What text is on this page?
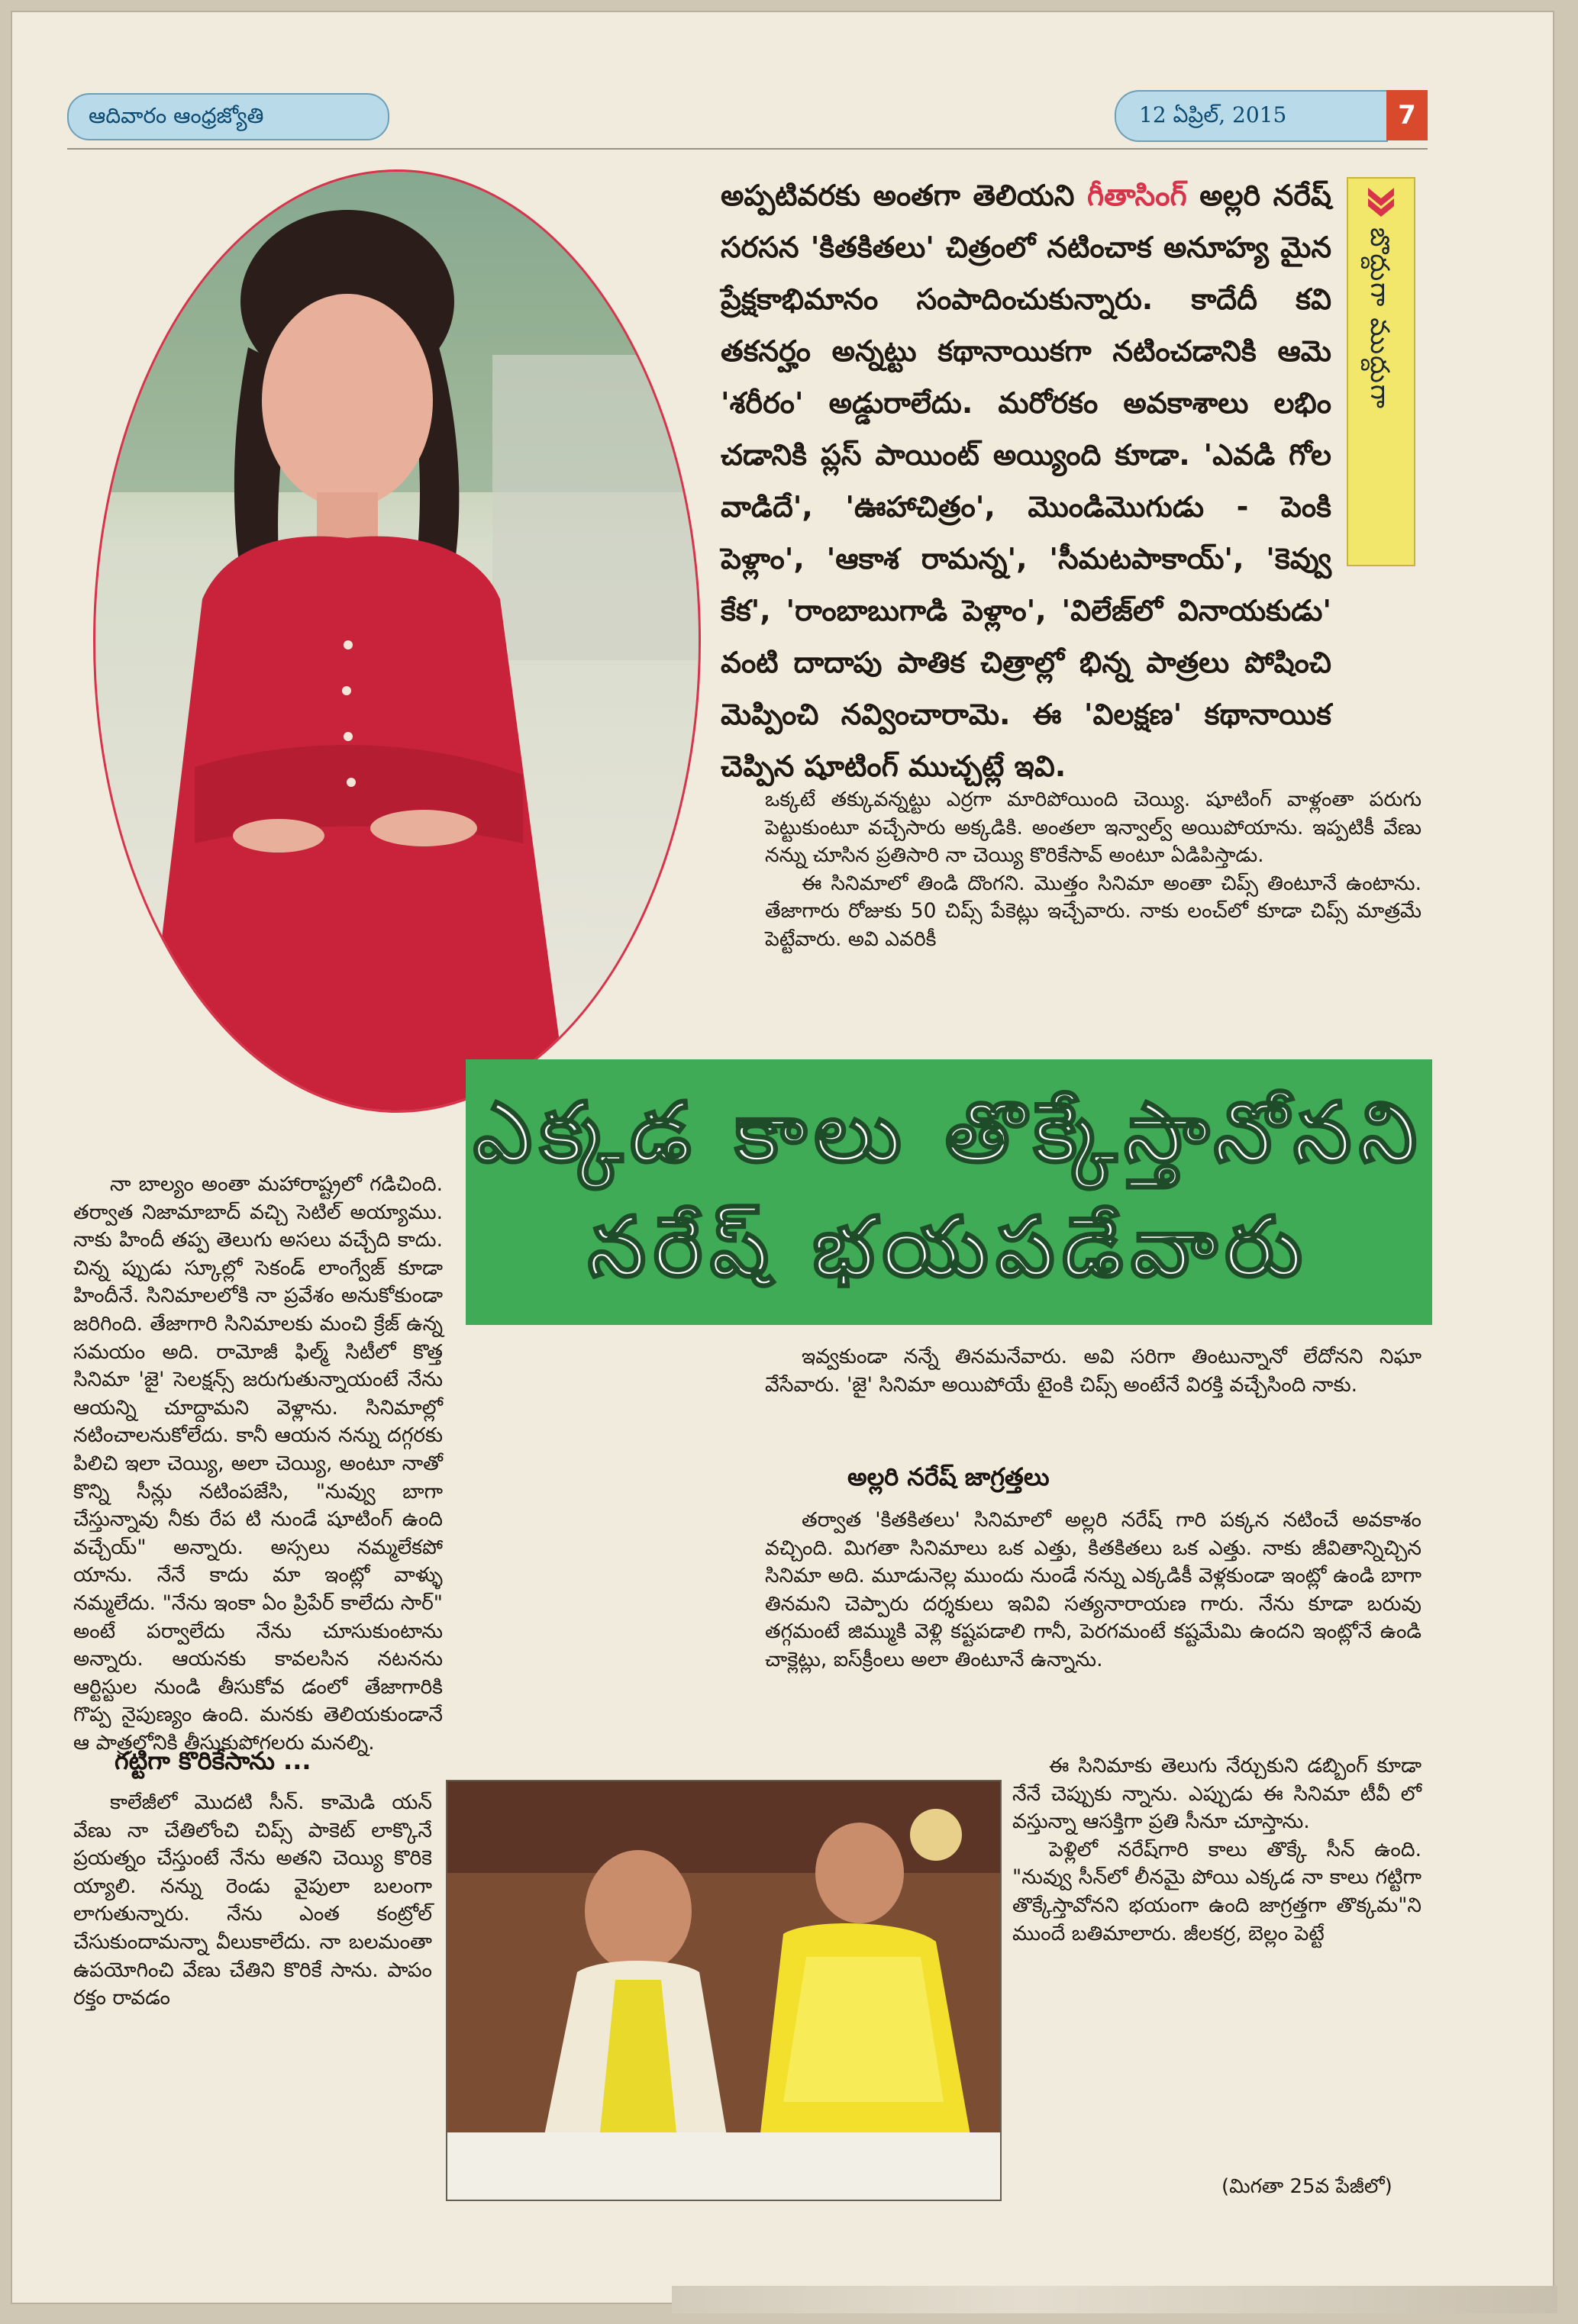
ఆదివారం ఆంధ్రజ్యోతి	12 ఏప్రిల్, 2015	7
అప్పటివరకు అంతగా తెలియని గీతాసింగ్ అల్లరి నరేష్ సరసన 'కితకితలు' చిత్రంలో నటించాక అనూహ్య మైన ప్రేక్షకాభిమానం సంపాదించుకున్నారు. కాదేదీ కవి తకనర్హం అన్నట్టు కథానాయికగా నటించడానికి ఆమె 'శరీరం' అడ్డురాలేదు. మరోరకం అవకాశాలు లభిం చడానికి ప్లస్ పాయింట్ అయ్యింది కూడా. 'ఎవడి గోల వాడిదే', 'ఊహాచిత్రం', మొండిమొగుడు - పెంకి పెళ్లాం', 'ఆకాశ రామన్న', 'సీమటపాకాయ్', 'కెవ్వు కేక', 'రాంబాబుగాడి పెళ్లాం', 'విలేజ్‌లో వినాయకుడు' వంటి దాదాపు పాతిక చిత్రాల్లో భిన్న పాత్రలు పోషించి మెప్పించి నవ్వించారామె. ఈ 'విలక్షణ' కథానాయిక చెప్పిన షూటింగ్ ముచ్చట్లే ఇవి.
బొద్దుగా ముద్దుగా

ఒక్కటే తక్కువన్నట్టు ఎర్రగా మారిపోయింది చెయ్యి. షూటింగ్ వాళ్లంతా పరుగు పెట్టుకుంటూ వచ్చేసారు అక్కడికి. అంతలా ఇన్వాల్వ్ అయిపోయాను. ఇప్పటికీ వేణు నన్ను చూసిన ప్రతిసారి నా చెయ్యి కొరికేసావ్ అంటూ ఏడిపిస్తాడు.

ఈ సినిమాలో తిండి దొంగని. మొత్తం సినిమా అంతా చిప్స్ తింటూనే ఉంటాను. తేజాగారు రోజుకు 50 చిప్స్ పేకెట్లు ఇచ్చేవారు. నాకు లంచ్‌లో కూడా చిప్స్ మాత్రమే పెట్టేవారు. అవి ఎవరికీ

ఎక్కడ కాలు తొక్కేస్తానోనని
నరేష్ భయపడేవారు

నా బాల్యం అంతా మహారాష్ట్రలో గడిచింది. తర్వాత నిజామాబాద్ వచ్చి సెటిల్ అయ్యాము. నాకు హిందీ తప్ప తెలుగు అసలు వచ్చేది కాదు. చిన్న ప్పుడు స్కూల్లో సెకండ్ లాంగ్వేజ్ కూడా హిందీనే. సినిమాలలోకి నా ప్రవేశం అనుకోకుండా జరిగింది. తేజాగారి సినిమాలకు మంచి క్రేజ్ ఉన్న సమయం అది. రామోజీ ఫిల్మ్ సిటీలో కొత్త సినిమా 'జై' సెలక్షన్స్ జరుగుతున్నాయంటే నేను ఆయన్ని చూద్దామని వెళ్లాను. సినిమాల్లో నటించాలనుకోలేదు. కానీ ఆయన నన్ను దగ్గరకు పిలిచి ఇలా చెయ్యి, అలా చెయ్యి, అంటూ నాతో కొన్ని సీన్లు నటింపజేసి, "నువ్వు బాగా చేస్తున్నావు నీకు రేప టి నుండే షూటింగ్ ఉంది వచ్చేయ్" అన్నారు. అస్సలు నమ్మలేకపో యాను. నేనే కాదు మా ఇంట్లో వాళ్ళు నమ్మలేదు. "నేను ఇంకా ఏం ప్రిపేర్ కాలేదు సార్" అంటే పర్వాలేదు నేను చూసుకుంటాను అన్నారు. ఆయనకు కావలసిన నటనను ఆర్టిస్టుల నుండి తీసుకోవ డంలో తేజాగారికి గొప్ప నైపుణ్యం ఉంది. మనకు తెలియకుండానే ఆ పాత్రలోనికి తీసుకుపోగలరు మనల్ని.

ఇవ్వకుండా నన్నే తినమనేవారు. అవి సరిగా తింటున్నానో లేదోనని నిఘా వేసేవారు. 'జై' సినిమా అయిపోయే టైంకి చిప్స్ అంటేనే విరక్తి వచ్చేసింది నాకు.

అల్లరి నరేష్ జాగ్రత్తలు

తర్వాత 'కితకితలు' సినిమాలో అల్లరి నరేష్ గారి పక్కన నటించే అవకాశం వచ్చింది. మిగతా సినిమాలు ఒక ఎత్తు, కితకితలు ఒక ఎత్తు. నాకు జీవితాన్నిచ్చిన సినిమా అది. మూడునెల్ల ముందు నుండే నన్ను ఎక్కడికీ వెళ్లకుండా ఇంట్లో ఉండి బాగా తినమని చెప్పారు దర్శకులు ఇవివి సత్యనారాయణ గారు. నేను కూడా బరువు తగ్గమంటే జిమ్ముకి వెళ్లి కష్టపడాలి గానీ, పెరగమంటే కష్టమేమి ఉందని ఇంట్లోనే ఉండి చాక్లెట్లు, ఐస్‌క్రీంలు అలా తింటూనే ఉన్నాను.

ఈ సినిమాకు తెలుగు నేర్చుకుని డబ్బింగ్ కూడా నేనే చెప్పుకు న్నాను. ఎప్పుడు ఈ సినిమా టీవీ లో వస్తున్నా ఆసక్తిగా ప్రతి సీనూ చూస్తాను.

పెళ్లిలో నరేష్‌గారి కాలు తొక్కే సీన్ ఉంది. "నువ్వు సీన్‌లో లీనమై పోయి ఎక్కడ నా కాలు గట్టిగా తొక్కేస్తావోనని భయంగా ఉంది జాగ్రత్తగా తొక్కమ"ని ముందే బతిమాలారు. జీలకర్ర, బెల్లం పెట్టే

(మిగతా 25వ పేజీలో)
గట్టిగా కొరికేసాను ...

కాలేజీలో మొదటి సీన్. కామెడి యన్ వేణు నా చేతిలోంచి చిప్స్ పాకెట్ లాక్కొనే ప్రయత్నం చేస్తుంటే నేను అతని చెయ్యి కొరికె య్యాలి. నన్ను రెండు వైపులా బలంగా లాగుతున్నారు. నేను ఎంత కంట్రోల్ చేసుకుందామన్నా వీలుకాలేదు. నా బలమంతా ఉపయోగించి వేణు చేతిని కొరికే సాను. పాపం రక్తం రావడం
